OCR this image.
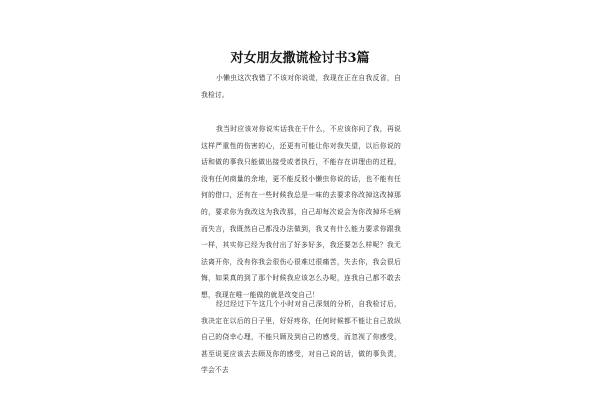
对女朋友撒谎检讨书3篇

小懒虫这次我错了不该对你说谎，我现在正在自我反省，自我检讨。

我当时应该对你说实话我在干什么，不应该你问了我，再说这样严重性的伤害的心，还更有可能让你对我失望，以后你说的话和做的事我只能做出接受或者执行，不能存在讲理由的过程，没有任何商量的余地，更不能反驳小懒虫你说的话，也不能有任何的借口，还有在一些时候我总是一味的去要求你改掉这改掉那的，要求你为我改这为我改那，自己却每次说会为你改掉坏毛病而失言，我既然自己都没办法做到，我又有什么能力要求你跟我一样，其实你已经为我付出了好多好多，我还要怎么样呢？我无法离开你，没有你我会很伤心很难过很痛苦，失去你，我会很后悔，如果真的到了那个时候我应该怎么办呢，连我自己都不敢去想，我现在唯一能做的就是改变自己！

经过经过下午这几个小时对自己深刻的分析，自我检讨后，我决定在以后的日子里，好好疼你，任何时候都不能让自己放纵自己的侥幸心理，不能只顾及到自己的感受，而忽视了你感受，甚至说更应该去去顾及你的感受，对自己说的话，做的事负责，学会不去
